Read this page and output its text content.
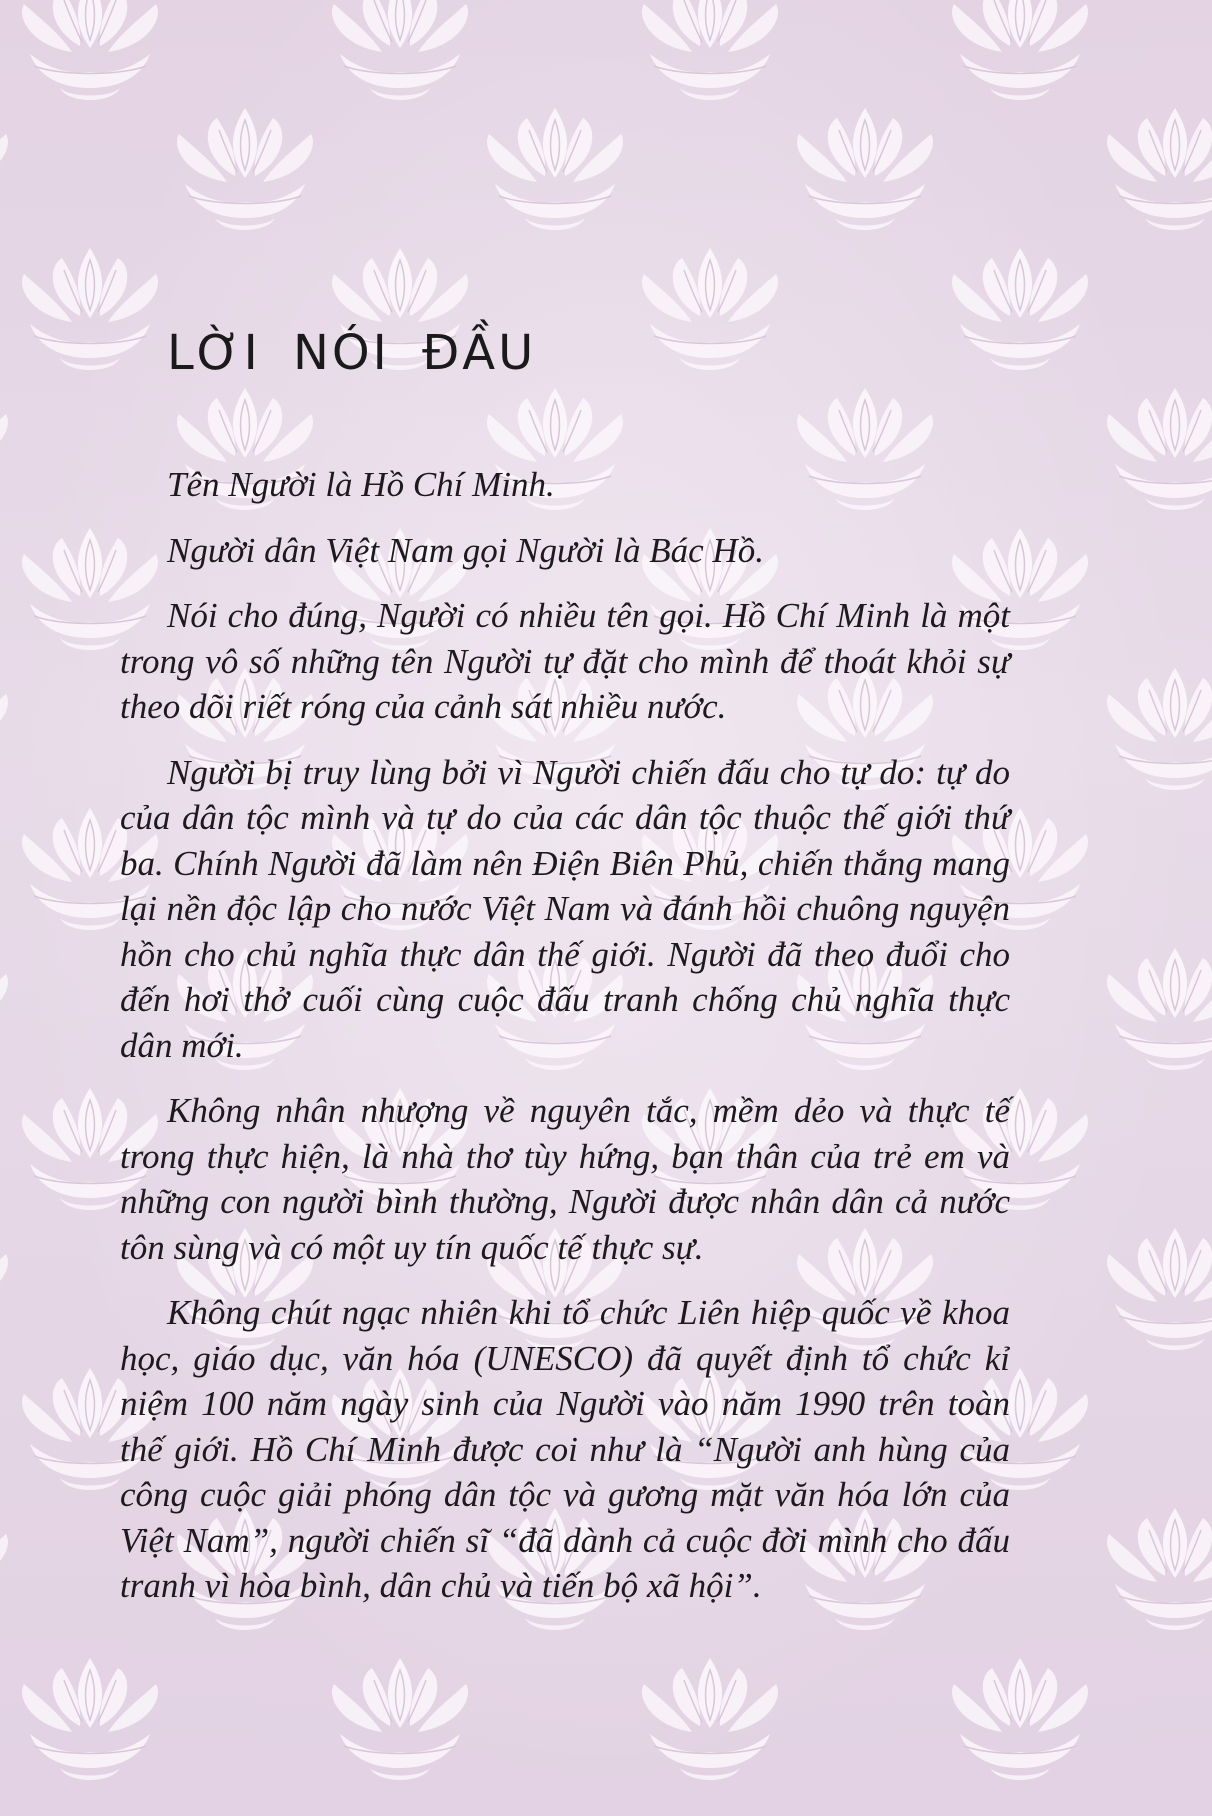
LỜI NÓI ĐẦU

Tên Người là Hồ Chí Minh.

Người dân Việt Nam gọi Người là Bác Hồ.

Nói cho đúng, Người có nhiều tên gọi. Hồ Chí Minh là một trong vô số những tên Người tự đặt cho mình để thoát khỏi sự theo dõi riết róng của cảnh sát nhiều nước.

Người bị truy lùng bởi vì Người chiến đấu cho tự do: tự do của dân tộc mình và tự do của các dân tộc thuộc thế giới thứ ba. Chính Người đã làm nên Điện Biên Phủ, chiến thắng mang lại nền độc lập cho nước Việt Nam và đánh hồi chuông nguyện hồn cho chủ nghĩa thực dân thế giới. Người đã theo đuổi cho đến hơi thở cuối cùng cuộc đấu tranh chống chủ nghĩa thực dân mới.

Không nhân nhượng về nguyên tắc, mềm dẻo và thực tế trong thực hiện, là nhà thơ tùy hứng, bạn thân của trẻ em và những con người bình thường, Người được nhân dân cả nước tôn sùng và có một uy tín quốc tế thực sự.

Không chút ngạc nhiên khi tổ chức Liên hiệp quốc về khoa học, giáo dục, văn hóa (UNESCO) đã quyết định tổ chức kỉ niệm 100 năm ngày sinh của Người vào năm 1990 trên toàn thế giới. Hồ Chí Minh được coi như là “Người anh hùng của công cuộc giải phóng dân tộc và gương mặt văn hóa lớn của Việt Nam”, người chiến sĩ “đã dành cả cuộc đời mình cho đấu tranh vì hòa bình, dân chủ và tiến bộ xã hội”.
